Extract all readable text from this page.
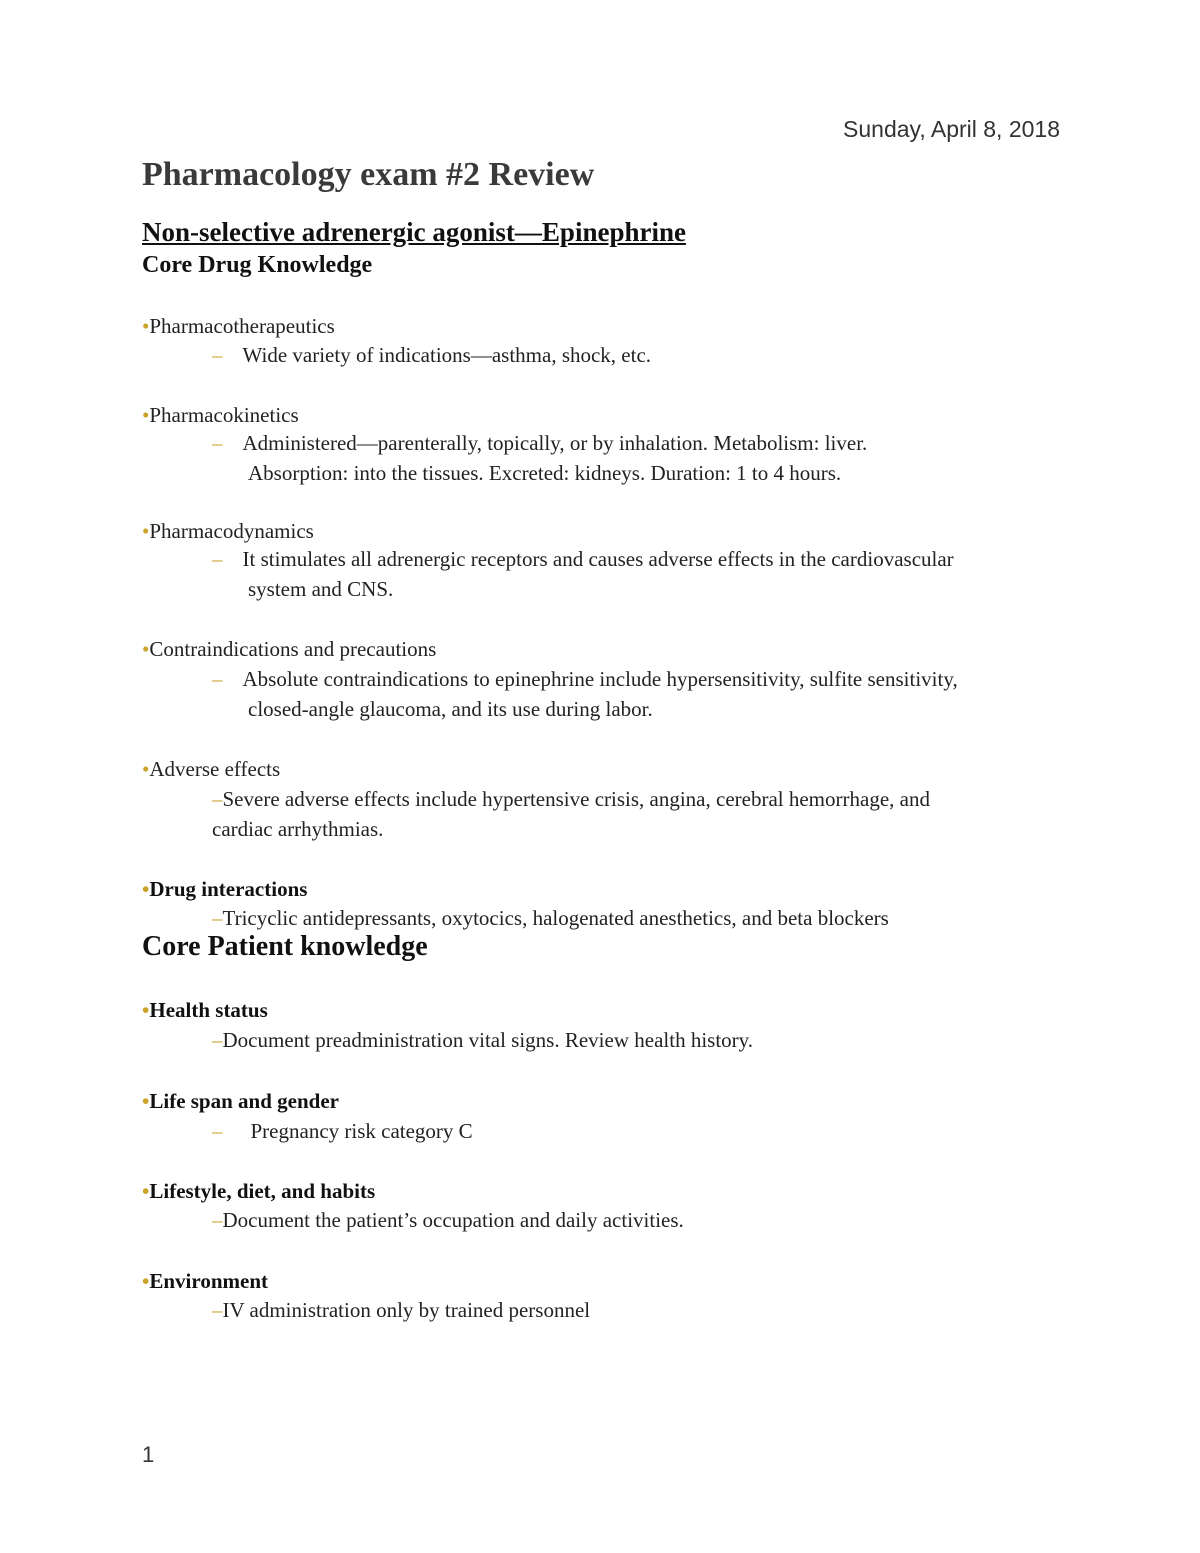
Sunday, April 8, 2018
Pharmacology exam #2 Review
Non-selective adrenergic agonist—Epinephrine
Core Drug Knowledge
•Pharmacotherapeutics
– Wide variety of indications—asthma, shock, etc.
•Pharmacokinetics
– Administered—parenterally, topically, or by inhalation. Metabolism: liver.
Absorption: into the tissues. Excreted: kidneys. Duration: 1 to 4 hours.
•Pharmacodynamics
– It stimulates all adrenergic receptors and causes adverse effects in the cardiovascular
system and CNS.
•Contraindications and precautions
– Absolute contraindications to epinephrine include hypersensitivity, sulfite sensitivity,
closed-angle glaucoma, and its use during labor.
•Adverse effects
–Severe adverse effects include hypertensive crisis, angina, cerebral hemorrhage, and
cardiac arrhythmias.
•Drug interactions
–Tricyclic antidepressants, oxytocics, halogenated anesthetics, and beta blockers
Core Patient knowledge
•Health status
–Document preadministration vital signs. Review health history.
•Life span and gender
– Pregnancy risk category C
•Lifestyle, diet, and habits
–Document the patient’s occupation and daily activities.
•Environment
–IV administration only by trained personnel
1
